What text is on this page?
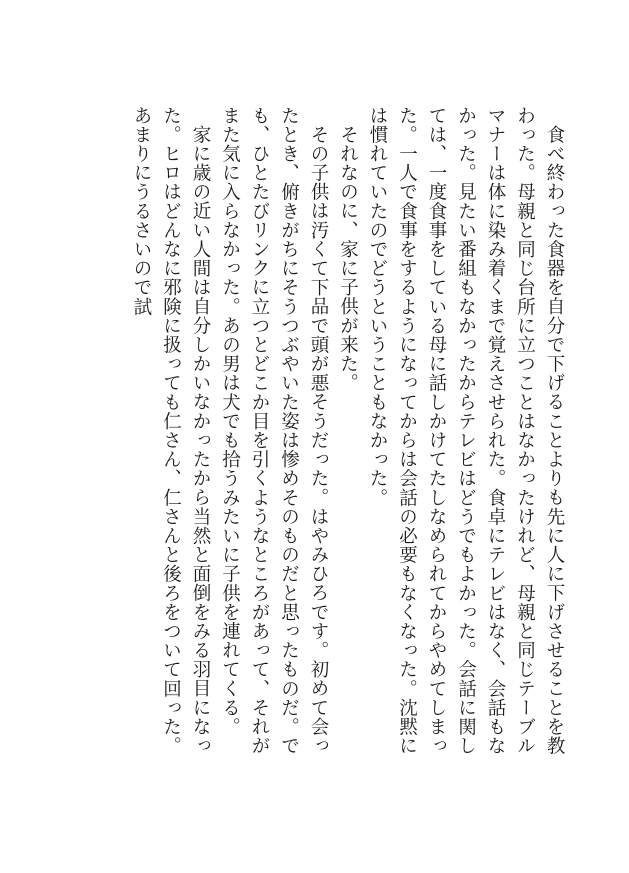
食べ終わった食器を自分で下げることよりも先に人に下げさせることを教わった。母親と同じ台所に立つことはなかったけれど、母親と同じテーブルマナーは体に染み着くまで覚えさせられた。食卓にテレビはなく、会話もなかった。見たい番組もなかったからテレビはどうでもよかった。会話に関しては、一度食事をしている母に話しかけてたしなめられてからやめてしまった。一人で食事をするようになってからは会話の必要もなくなった。沈黙には慣れていたのでどうということもなかった。

それなのに、家に子供が来た。

その子供は汚くて下品で頭が悪そうだった。はやみひろです。初めて会ったとき、俯きがちにそうつぶやいた姿は惨めそのものだと思ったものだ。でも、ひとたびリンクに立つとどこか目を引くようなところがあって、それがまた気に入らなかった。あの男は犬でも拾うみたいに子供を連れてくる。

家に歳の近い人間は自分しかいなかったから当然と面倒をみる羽目になった。ヒロはどんなに邪険に扱っても仁さん、仁さんと後ろをついて回った。あまりにうるさいので試
